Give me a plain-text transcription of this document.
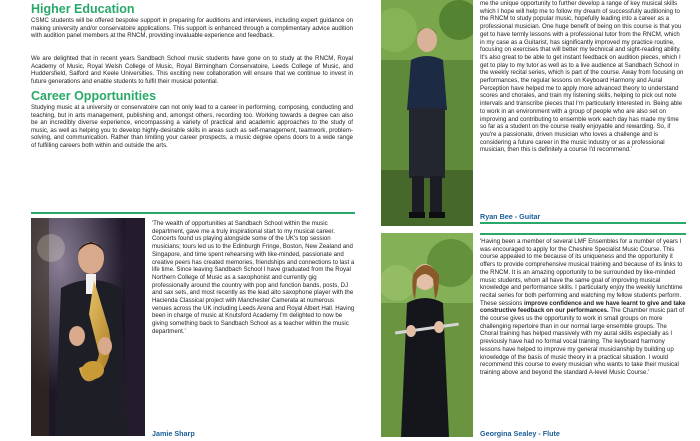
Higher Education

CSMC students will be offered bespoke support in preparing for auditions and interviews, including expert guidance on making university and/or conservatoire applications. This support is enhanced through a complimentary advice audition with audition panel members at the RNCM, providing invaluable experience and feedback.

We are delighted that in recent years Sandbach School music students have gone on to study at the RNCM, Royal Academy of Music, Royal Welsh College of Music, Royal Birmingham Conservatoire, Leeds College of Music, and Huddersfield, Salford and Keele Universities. This exciting new collaboration will ensure that we continue to invest in future generations and enable students to fulfil their musical potential.

Career Opportunities

Studying music at a university or conservatoire can not only lead to a career in performing, composing, conducting and teaching, but in arts management, publishing and, amongst others, recording too. Working towards a degree can also be an incredibly diverse experience, encompassing a variety of practical and academic approaches to the study of music, as well as helping you to develop highly-desirable skills in areas such as self-management, teamwork, problem-solving, and communication. Rather than limiting your career prospects, a music degree opens doors to a wide range of fulfilling careers both within and outside the arts.

'The wealth of opportunities at Sandbach School within the music department, gave me a truly inspirational start to my musical career. Concerts found us playing alongside some of the UK's top session musicians; tours led us to the Edinburgh Fringe, Boston, New Zealand and Singapore, and time spent rehearsing with like-minded, passionate and creative peers has created memories, friendships and connections to last a life time. Since leaving Sandbach School I have graduated from the Royal Northern College of Music as a saxophonist and currently gig professionally around the country with pop and function bands, posts, DJ and sax sets, and most recently as the lead alto saxophone player with the Hacienda Classical project with Manchester Camerata at numerous venues across the UK including Leeds Arena and Royal Albert Hall. Having been in charge of music at Knutsford Academy I'm delighted to now be giving something back to Sandbach School as a teacher within the music department.'

Jamie Sharp

me the unique opportunity to further develop a range of key musical skills which I hope will help me to follow my dream of successfully auditioning to the RNCM to study popular music, hopefully leading into a career as a professional musician. One huge benefit of being on this course is that you get to have termly lessons with a professional tutor from the RNCM, which in my case as a Guitarist, has significantly improved my practice routine, focusing on exercises that will better my technical and sight-reading ability. It's also great to be able to get instant feedback on audition pieces, which I get to play to my tutor as well as to a live audience at Sandbach School in the weekly recital series, which is part of the course. Away from focusing on performances, the regular lessons on Keyboard Harmony and Aural Perception have helped me to apply more advanced theory to understand scores and chorales, and train my listening skills, helping to pick out note intervals and transcribe pieces that I'm particularly interested in. Being able to work in an environment with a group of people who are also set on improving and contributing to ensemble work each day has made my time so far as a student on the course really enjoyable and rewarding. So, if you're a passionate, driven musician who loves a challenge and is considering a future career in the music industry or as a professional musician, then this is definitely a course I'd recommend.'

Ryan Bee - Guitar

'Having been a member of several LMF Ensembles for a number of years I was encouraged to apply for the Cheshire Specialist Music Course. This course appealed to me because of its uniqueness and the opportunity it offers to provide comprehensive musical training and because of its links to the RNCM. It is an amazing opportunity to be surrounded by like-minded music students, whom all have the same goal of improving musical knowledge and performance skills. I particularly enjoy the weekly lunchtime recital series for both performing and watching my fellow students perform. These sessions improve confidence and we have learnt to give and take constructive feedback on our performances. The Chamber music part of the course gives us the opportunity to work in small groups on more challenging repertoire than in our normal large ensemble groups. The Choral training has helped massively with my aural skills especially as I previously have had no formal vocal training. The keyboard harmony lessons have helped to improve my general musicianship by building up knowledge of the basis of music theory in a practical situation. I would recommend this course to every musician who wants to take their musical training above and beyond the standard A-level Music Course.'

Georgina Sealey - Flute
